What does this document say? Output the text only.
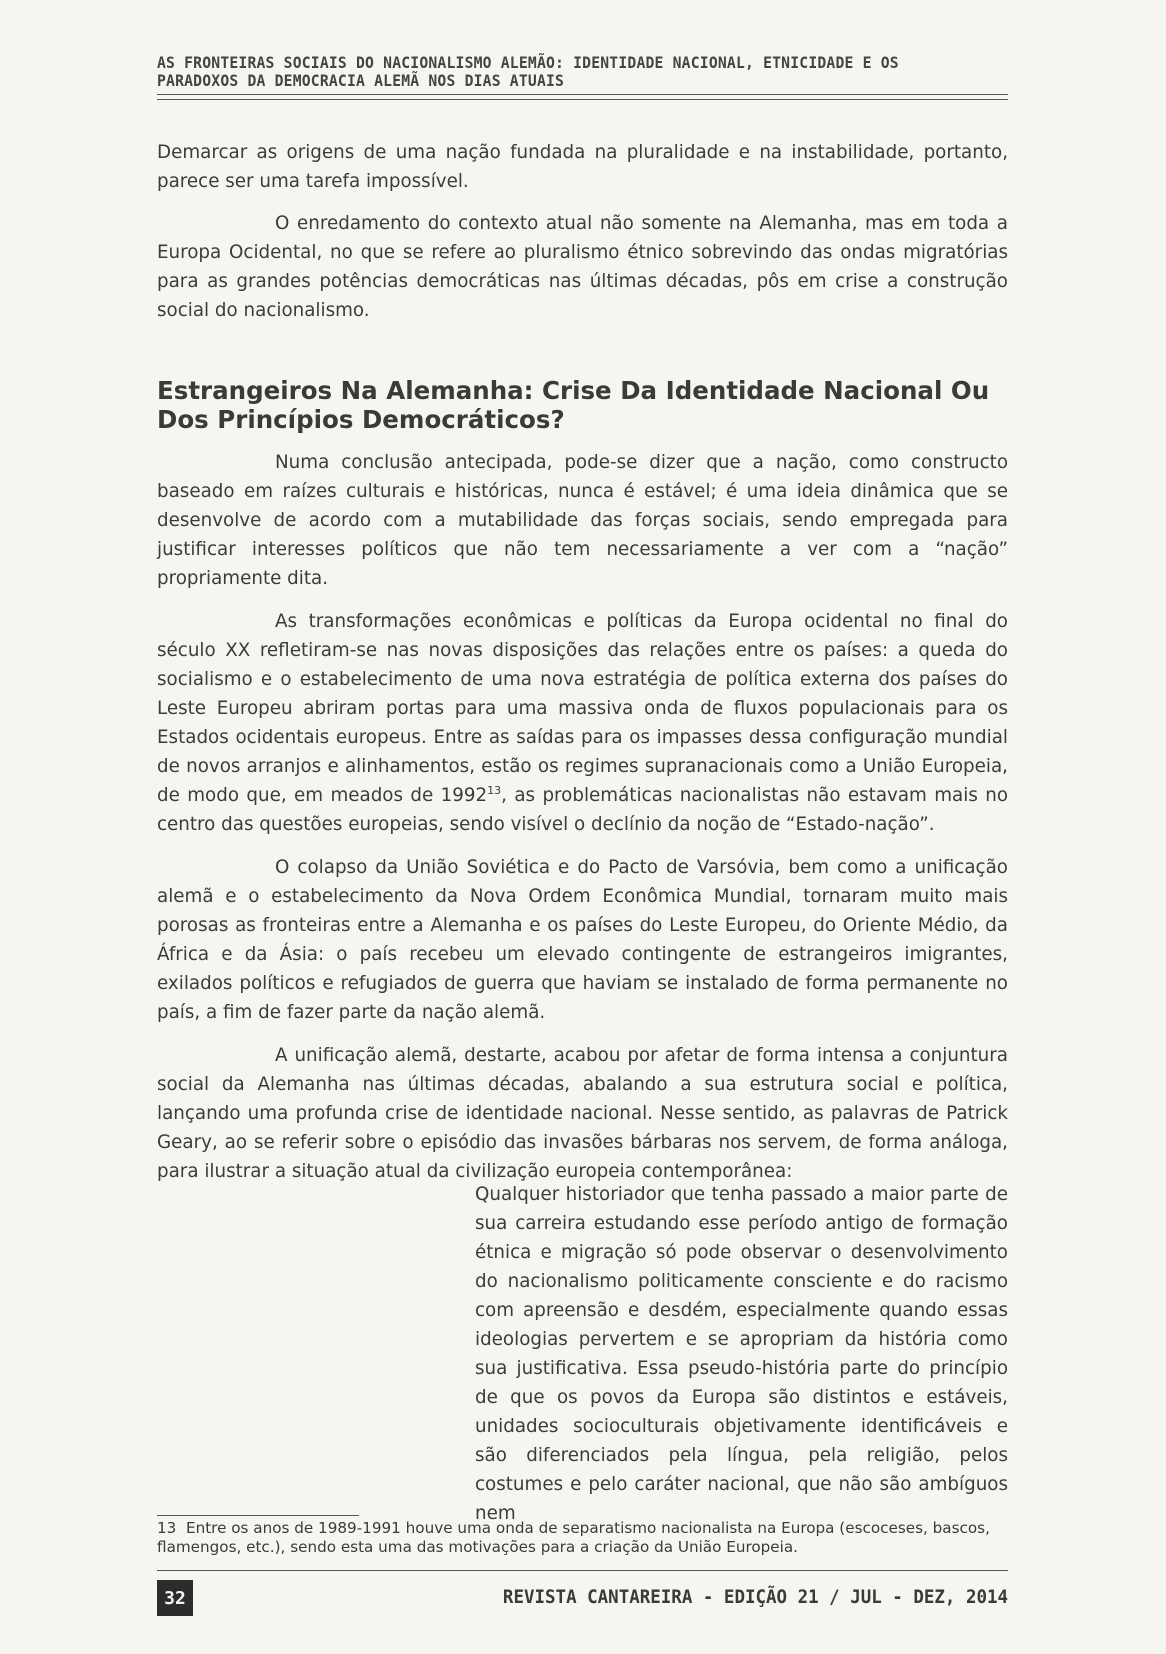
AS FRONTEIRAS SOCIAIS DO NACIONALISMO ALEMÃO: IDENTIDADE NACIONAL, ETNICIDADE E OS
PARADOXOS DA DEMOCRACIA ALEMÃ NOS DIAS ATUAIS

Demarcar as origens de uma nação fundada na pluralidade e na instabilidade, portanto, parece ser uma tarefa impossível.

O enredamento do contexto atual não somente na Alemanha, mas em toda a Europa Ocidental, no que se refere ao pluralismo étnico sobrevindo das ondas migratórias para as grandes potências democráticas nas últimas décadas, pôs em crise a construção social do nacionalismo.

Estrangeiros Na Alemanha: Crise Da Identidade Nacional Ou Dos Princípios Democráticos?

Numa conclusão antecipada, pode-se dizer que a nação, como constructo baseado em raízes culturais e históricas, nunca é estável; é uma ideia dinâmica que se desenvolve de acordo com a mutabilidade das forças sociais, sendo empregada para justificar interesses políticos que não tem necessariamente a ver com a “nação” propriamente dita.

As transformações econômicas e políticas da Europa ocidental no final do século XX refletiram-se nas novas disposições das relações entre os países: a queda do socialismo e o estabelecimento de uma nova estratégia de política externa dos países do Leste Europeu abriram portas para uma massiva onda de fluxos populacionais para os Estados ocidentais europeus. Entre as saídas para os impasses dessa configuração mundial de novos arranjos e alinhamentos, estão os regimes supranacionais como a União Europeia, de modo que, em meados de 1992$^{13}$, as problemáticas nacionalistas não estavam mais no centro das questões europeias, sendo visível o declínio da noção de “Estado-nação”.

O colapso da União Soviética e do Pacto de Varsóvia, bem como a unificação alemã e o estabelecimento da Nova Ordem Econômica Mundial, tornaram muito mais porosas as fronteiras entre a Alemanha e os países do Leste Europeu, do Oriente Médio, da África e da Ásia: o país recebeu um elevado contingente de estrangeiros imigrantes, exilados políticos e refugiados de guerra que haviam se instalado de forma permanente no país, a fim de fazer parte da nação alemã.

A unificação alemã, destarte, acabou por afetar de forma intensa a conjuntura social da Alemanha nas últimas décadas, abalando a sua estrutura social e política, lançando uma profunda crise de identidade nacional. Nesse sentido, as palavras de Patrick Geary, ao se referir sobre o episódio das invasões bárbaras nos servem, de forma análoga, para ilustrar a situação atual da civilização europeia contemporânea:

Qualquer historiador que tenha passado a maior parte de sua carreira estudando esse período antigo de formação étnica e migração só pode observar o desenvolvimento do nacionalismo politicamente consciente e do racismo com apreensão e desdém, especialmente quando essas ideologias pervertem e se apropriam da história como sua justificativa. Essa pseudo-história parte do princípio de que os povos da Europa são distintos e estáveis, unidades socioculturais objetivamente identificáveis e são diferenciados pela língua, pela religião, pelos costumes e pelo caráter nacional, que não são ambíguos nem

13 Entre os anos de 1989-1991 houve uma onda de separatismo nacionalista na Europa (escoceses, bascos, flamengos, etc.), sendo esta uma das motivações para a criação da União Europeia.

32	REVISTA CANTAREIRA - EDIÇÃO 21 / JUL - DEZ, 2014
